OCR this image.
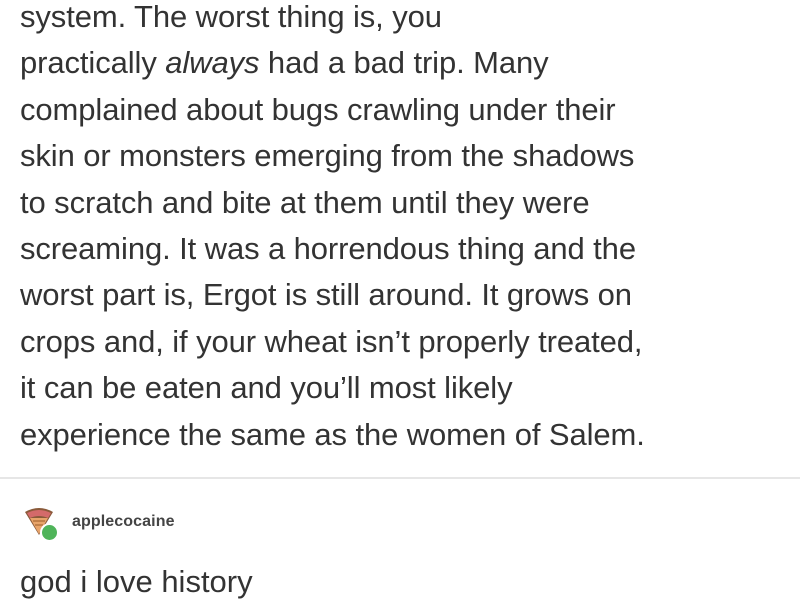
system. The worst thing is, you
practically always had a bad trip. Many
complained about bugs crawling under their
skin or monsters emerging from the shadows
to scratch and bite at them until they were
screaming. It was a horrendous thing and the
worst part is, Ergot is still around. It grows on
crops and, if your wheat isn’t properly treated,
it can be eaten and you’ll most likely
experience the same as the women of Salem.
applecocaine
god i love history
